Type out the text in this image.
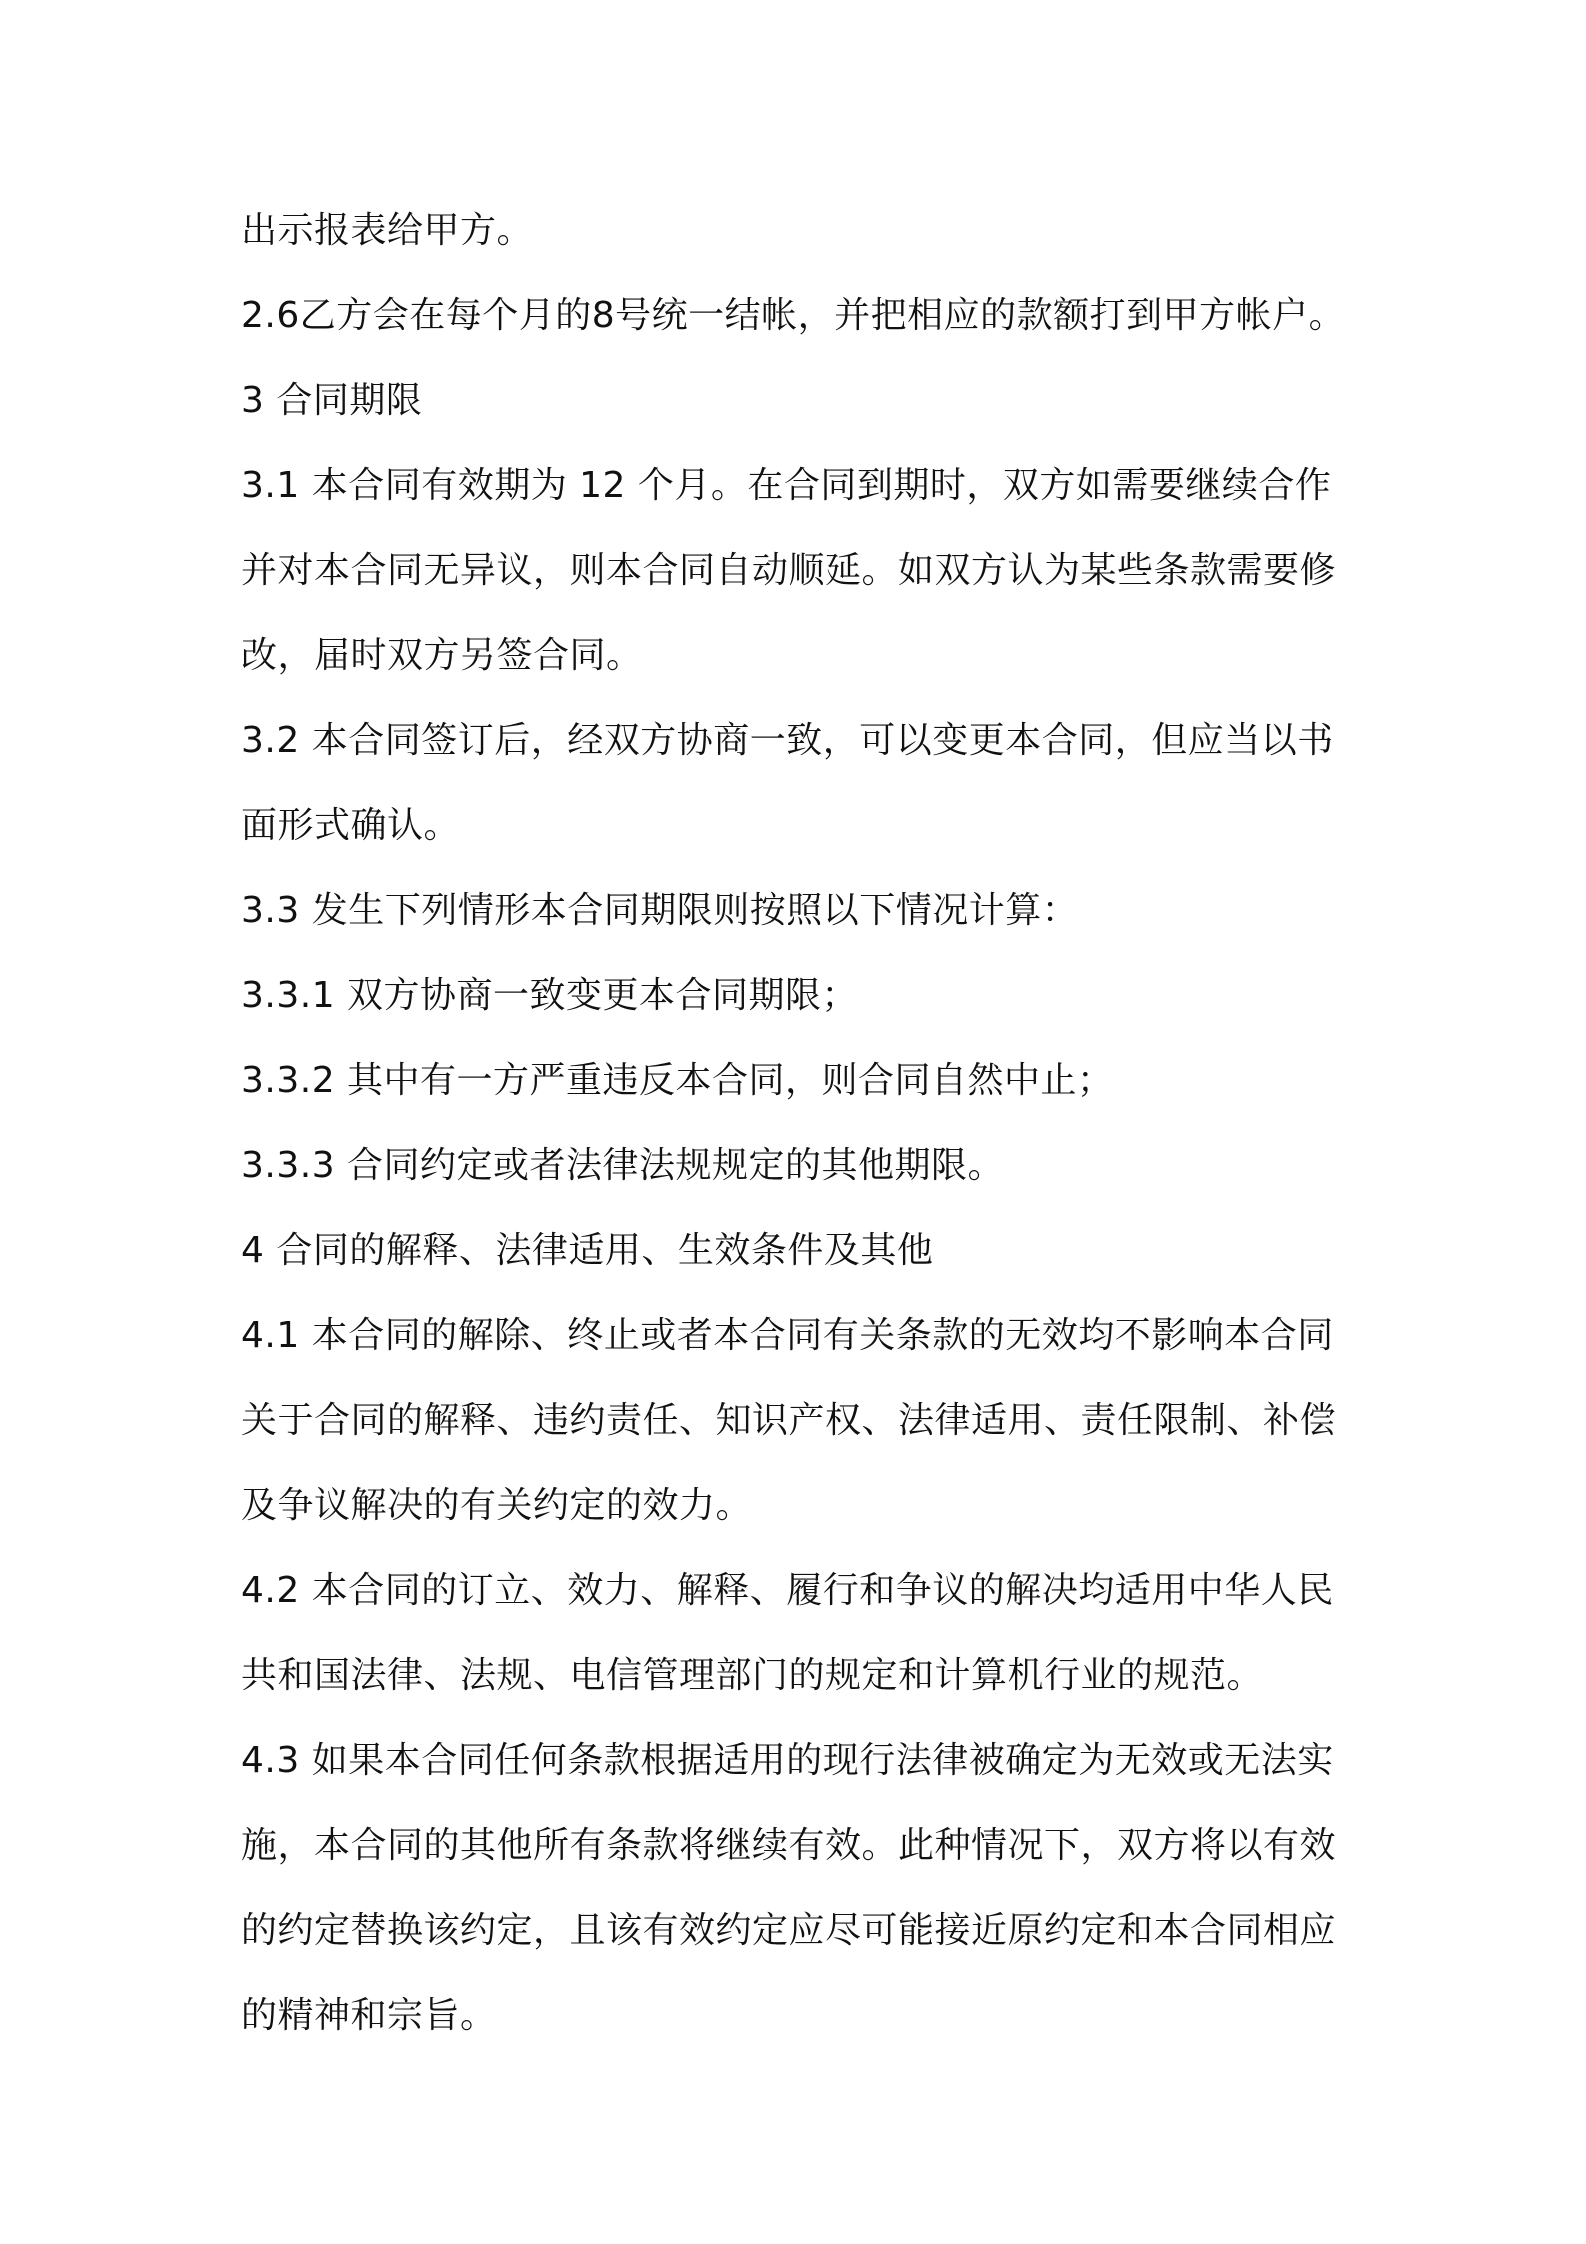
出示报表给甲方。
2.6乙方会在每个月的8号统一结帐，并把相应的款额打到甲方帐户。
3 合同期限
3.1 本合同有效期为 12 个月。在合同到期时，双方如需要继续合作
并对本合同无异议，则本合同自动顺延。如双方认为某些条款需要修
改，届时双方另签合同。
3.2 本合同签订后，经双方协商一致，可以变更本合同，但应当以书
面形式确认。
3.3 发生下列情形本合同期限则按照以下情况计算：
3.3.1 双方协商一致变更本合同期限；
3.3.2 其中有一方严重违反本合同，则合同自然中止；
3.3.3 合同约定或者法律法规规定的其他期限。
4 合同的解释、法律适用、生效条件及其他
4.1 本合同的解除、终止或者本合同有关条款的无效均不影响本合同
关于合同的解释、违约责任、知识产权、法律适用、责任限制、补偿
及争议解决的有关约定的效力。
4.2 本合同的订立、效力、解释、履行和争议的解决均适用中华人民
共和国法律、法规、电信管理部门的规定和计算机行业的规范。
4.3 如果本合同任何条款根据适用的现行法律被确定为无效或无法实
施，本合同的其他所有条款将继续有效。此种情况下，双方将以有效
的约定替换该约定，且该有效约定应尽可能接近原约定和本合同相应
的精神和宗旨。
